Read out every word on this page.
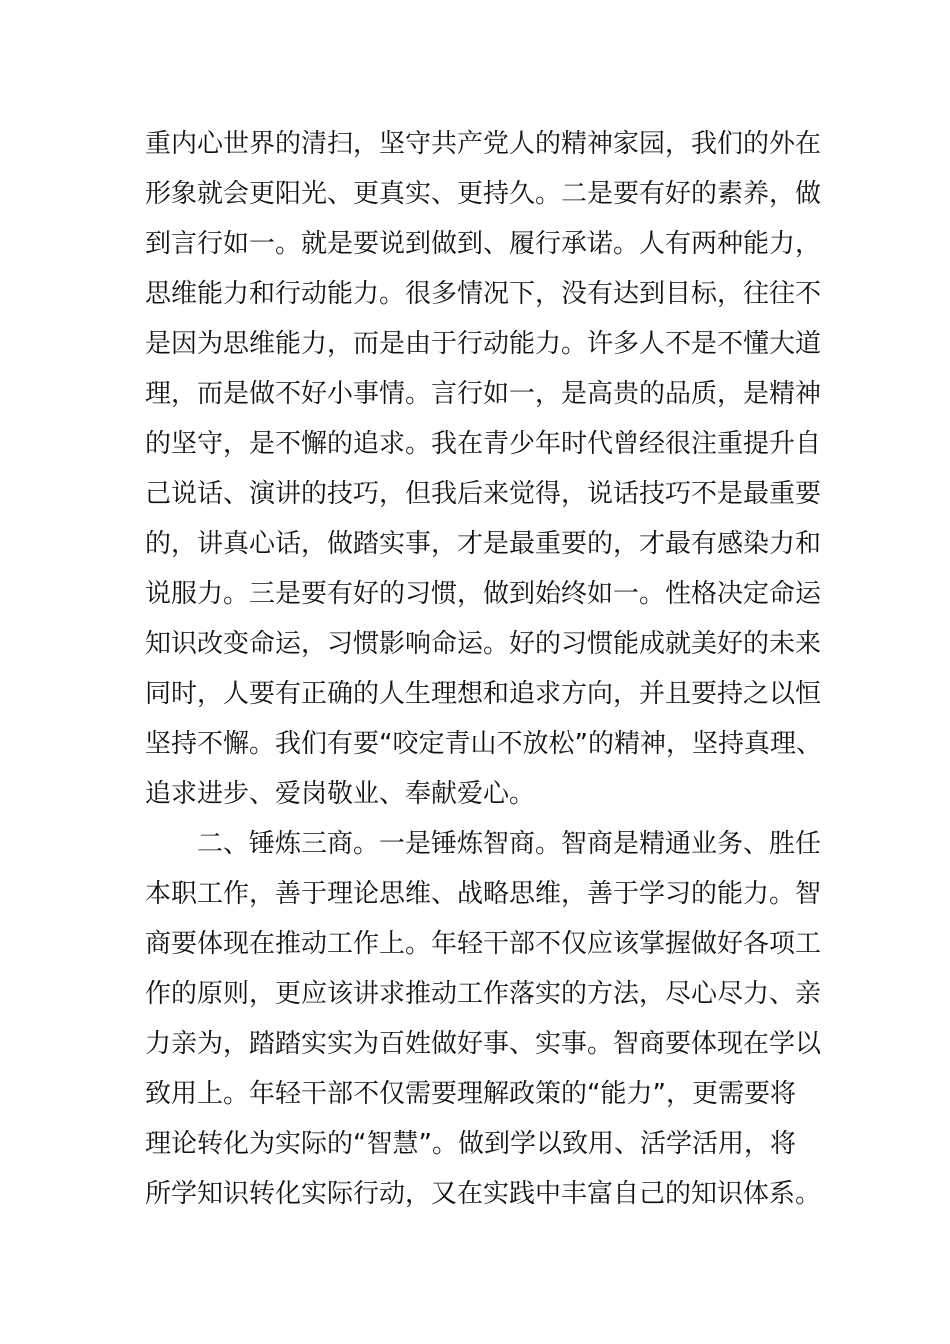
重内心世界的清扫，坚守共产党人的精神家园，我们的外在
形象就会更阳光、更真实、更持久。二是要有好的素养，做
到言行如一。就是要说到做到、履行承诺。人有两种能力，
思维能力和行动能力。很多情况下，没有达到目标，往往不
是因为思维能力，而是由于行动能力。许多人不是不懂大道
理，而是做不好小事情。言行如一，是高贵的品质，是精神
的坚守，是不懈的追求。我在青少年时代曾经很注重提升自
己说话、演讲的技巧，但我后来觉得，说话技巧不是最重要
的，讲真心话，做踏实事，才是最重要的，才最有感染力和
说服力。三是要有好的习惯，做到始终如一。性格决定命运
知识改变命运，习惯影响命运。好的习惯能成就美好的未来
同时，人要有正确的人生理想和追求方向，并且要持之以恒
坚持不懈。我们有要“咬定青山不放松”的精神，坚持真理、
追求进步、爱岗敬业、奉献爱心。
二、锤炼三商。一是锤炼智商。智商是精通业务、胜任
本职工作，善于理论思维、战略思维，善于学习的能力。智
商要体现在推动工作上。年轻干部不仅应该掌握做好各项工
作的原则，更应该讲求推动工作落实的方法，尽心尽力、亲
力亲为，踏踏实实为百姓做好事、实事。智商要体现在学以
致用上。年轻干部不仅需要理解政策的“能力”，更需要将
理论转化为实际的“智慧”。做到学以致用、活学活用，将
所学知识转化实际行动，又在实践中丰富自己的知识体系。
